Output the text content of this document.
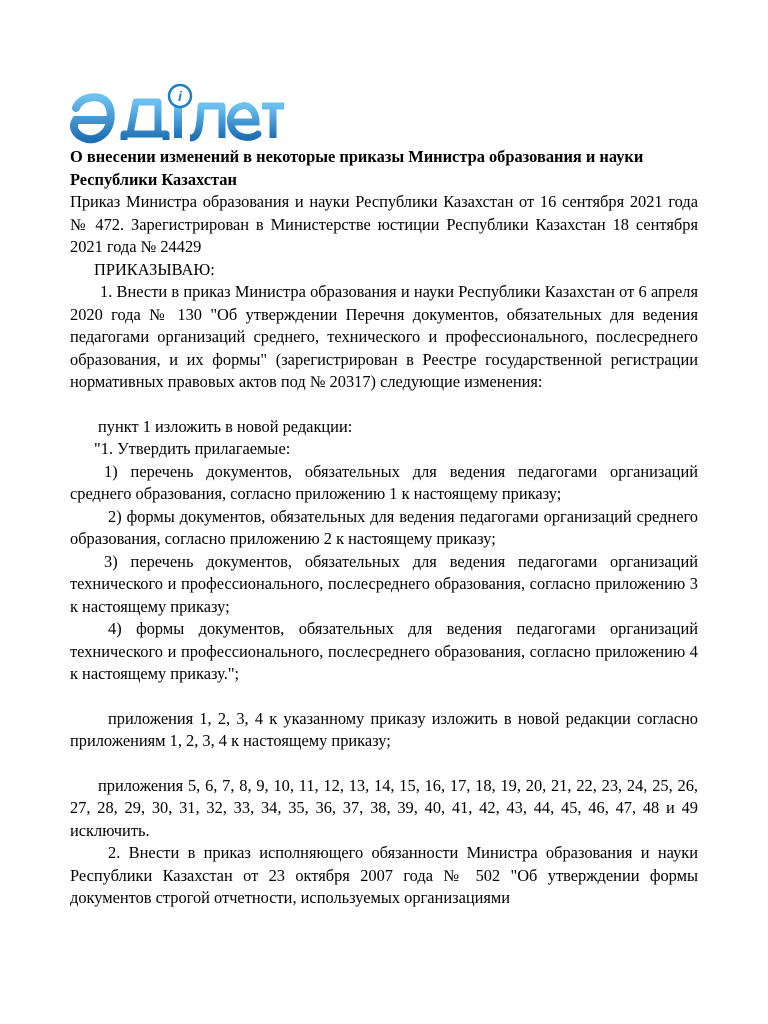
i

О внесении изменений в некоторые приказы Министра образования и науки Республики Казахстан

Приказ Министра образования и науки Республики Казахстан от 16 сентября 2021 года № 472. Зарегистрирован в Министерстве юстиции Республики Казахстан 18 сентября 2021 года № 24429

ПРИКАЗЫВАЮ:

1. Внести в приказ Министра образования и науки Республики Казахстан от 6 апреля 2020 года № 130 "Об утверждении Перечня документов, обязательных для ведения педагогами организаций среднего, технического и профессионального, послесреднего образования, и их формы" (зарегистрирован в Реестре государственной регистрации нормативных правовых актов под № 20317) следующие изменения:

пункт 1 изложить в новой редакции:

"1. Утвердить прилагаемые:

1) перечень документов, обязательных для ведения педагогами организаций среднего образования, согласно приложению 1 к настоящему приказу;

2) формы документов, обязательных для ведения педагогами организаций среднего образования, согласно приложению 2 к настоящему приказу;

3) перечень документов, обязательных для ведения педагогами организаций технического и профессионального, послесреднего образования, согласно приложению 3 к настоящему приказу;

4) формы документов, обязательных для ведения педагогами организаций технического и профессионального, послесреднего образования, согласно приложению 4 к настоящему приказу.";

приложения 1, 2, 3, 4 к указанному приказу изложить в новой редакции согласно приложениям 1, 2, 3, 4 к настоящему приказу;

приложения 5, 6, 7, 8, 9, 10, 11, 12, 13, 14, 15, 16, 17, 18, 19, 20, 21, 22, 23, 24, 25, 26, 27, 28, 29, 30, 31, 32, 33, 34, 35, 36, 37, 38, 39, 40, 41, 42, 43, 44, 45, 46, 47, 48 и 49 исключить.

2. Внести в приказ исполняющего обязанности Министра образования и науки Республики Казахстан от 23 октября 2007 года № 502 "Об утверждении формы документов строгой отчетности, используемых организациями
